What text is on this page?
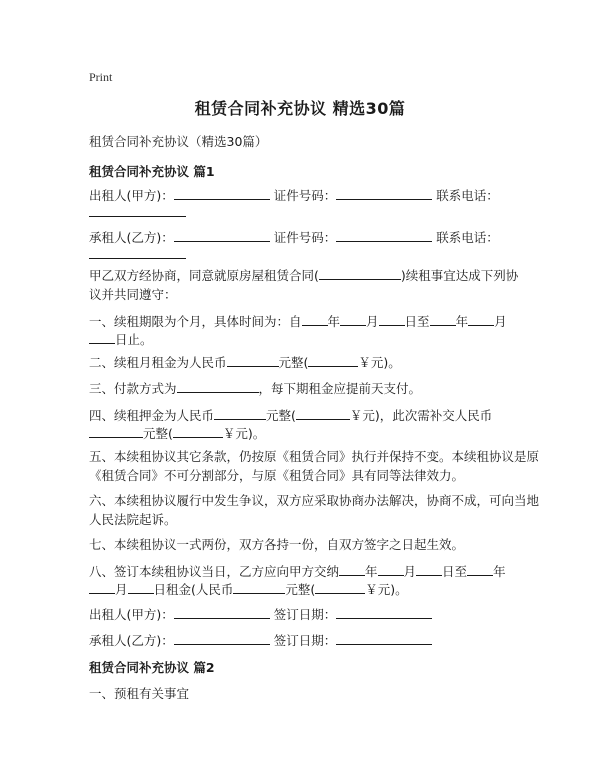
Print
租赁合同补充协议 精选30篇
租赁合同补充协议（精选30篇）
租赁合同补充协议 篇1
出租人(甲方)：	证件号码：	联系电话：
承租人(乙方)：	证件号码：	联系电话：
甲乙双方经协商，同意就原房屋租赁合同(	)续租事宜达成下列协
议并共同遵守：
一、续租期限为个月，具体时间为：自 年 月 日至 年 月
日止。
二、续租月租金为人民币	元整(	￥元)。
三、付款方式为	，每下期租金应提前天支付。
四、续租押金为人民币	元整(	￥元)，此次需补交人民币
元整(	￥元)。
五、本续租协议其它条款，仍按原《租赁合同》执行并保持不变。本续租协议是原
《租赁合同》不可分割部分，与原《租赁合同》具有同等法律效力。
六、本续租协议履行中发生争议，双方应采取协商办法解决，协商不成，可向当地
人民法院起诉。
七、本续租协议一式两份，双方各持一份，自双方签字之日起生效。
八、签订本续租协议当日，乙方应向甲方交纳 年 月 日至 年
月 日租金(人民币	元整(	￥元)。
出租人(甲方)：	签订日期：
承租人(乙方)：	签订日期：
租赁合同补充协议 篇2
一、预租有关事宜
